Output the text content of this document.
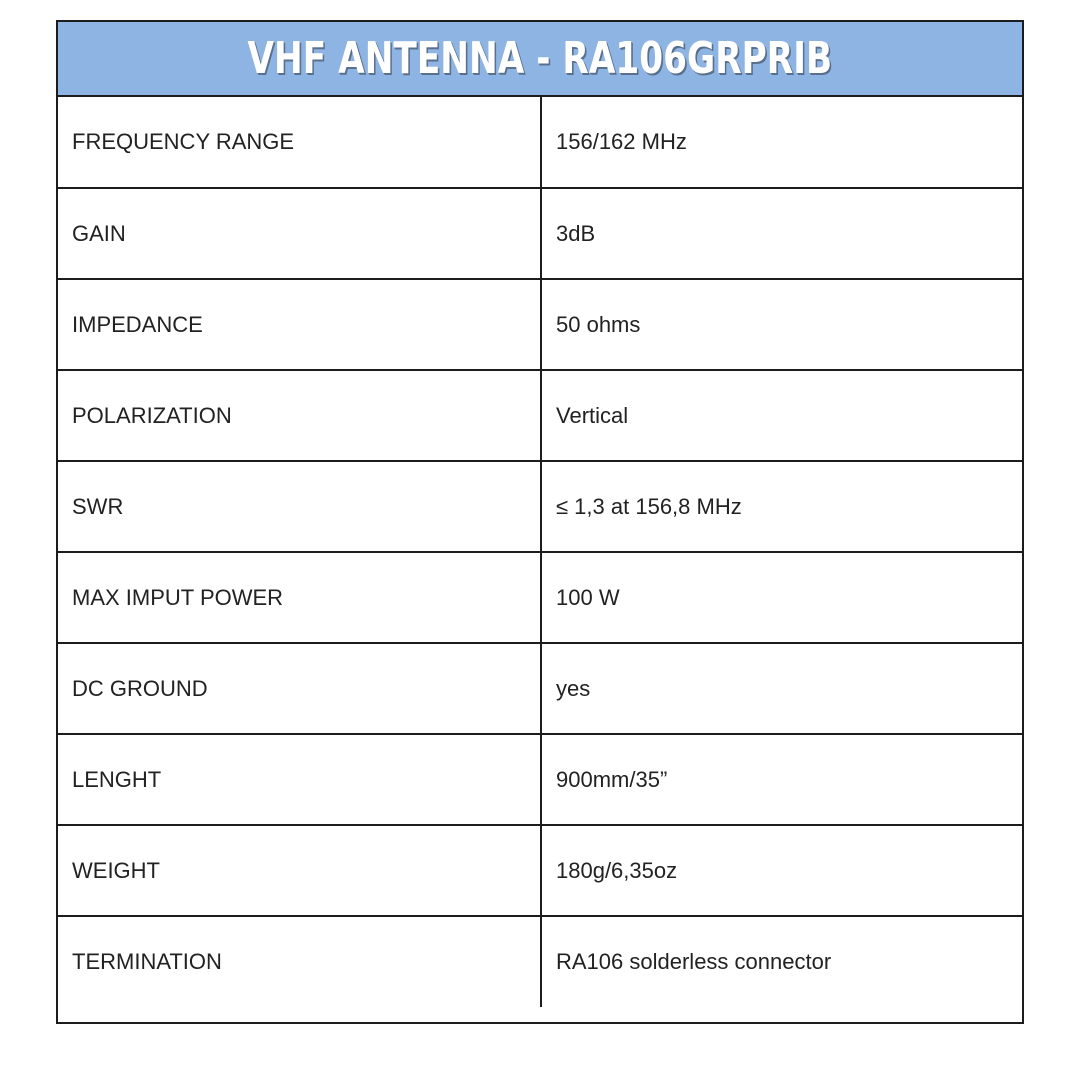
VHF ANTENNA - RA106GRPRIB
FREQUENCY RANGE	156/162 MHz
GAIN	3dB
IMPEDANCE	50 ohms
POLARIZATION	Vertical
SWR	≤ 1,3 at 156,8 MHz
MAX IMPUT POWER	100 W
DC GROUND	yes
LENGHT	900mm/35”
WEIGHT	180g/6,35oz
TERMINATION	RA106 solderless connector
